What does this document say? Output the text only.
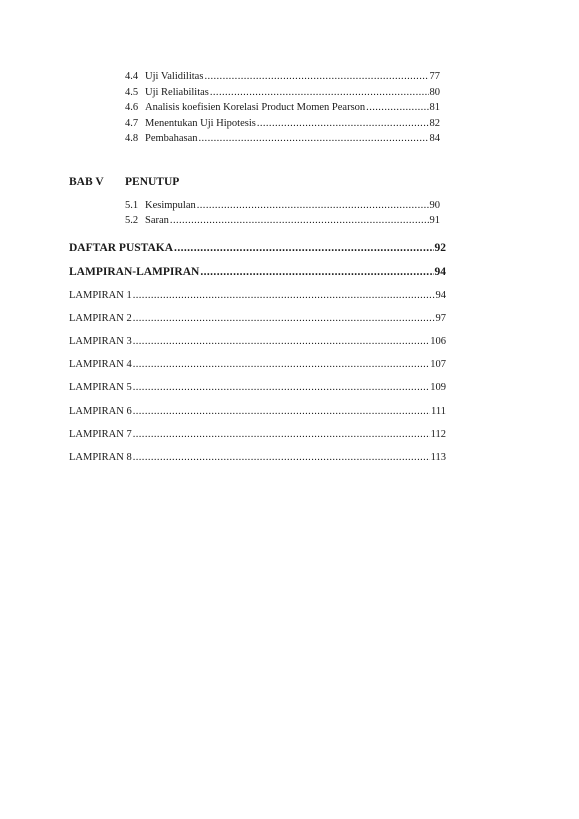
4.4 Uji Validilitas .....	77
4.5 Uji Reliabilitas .....	80
4.6 Analisis koefisien Korelasi Product Momen Pearson .....	81
4.7 Menentukan Uji Hipotesis .....	82
4.8 Pembahasan .....	84
BAB V PENUTUP
5.1 Kesimpulan .....	90
5.2 Saran .....	91
DAFTAR PUSTAKA .....	92
LAMPIRAN-LAMPIRAN .....	94
LAMPIRAN 1 .....	94
LAMPIRAN 2 .....	97
LAMPIRAN 3 .....	106
LAMPIRAN 4 .....	107
LAMPIRAN 5 .....	109
LAMPIRAN 6 .....	111
LAMPIRAN 7 .....	112
LAMPIRAN 8 .....	113
